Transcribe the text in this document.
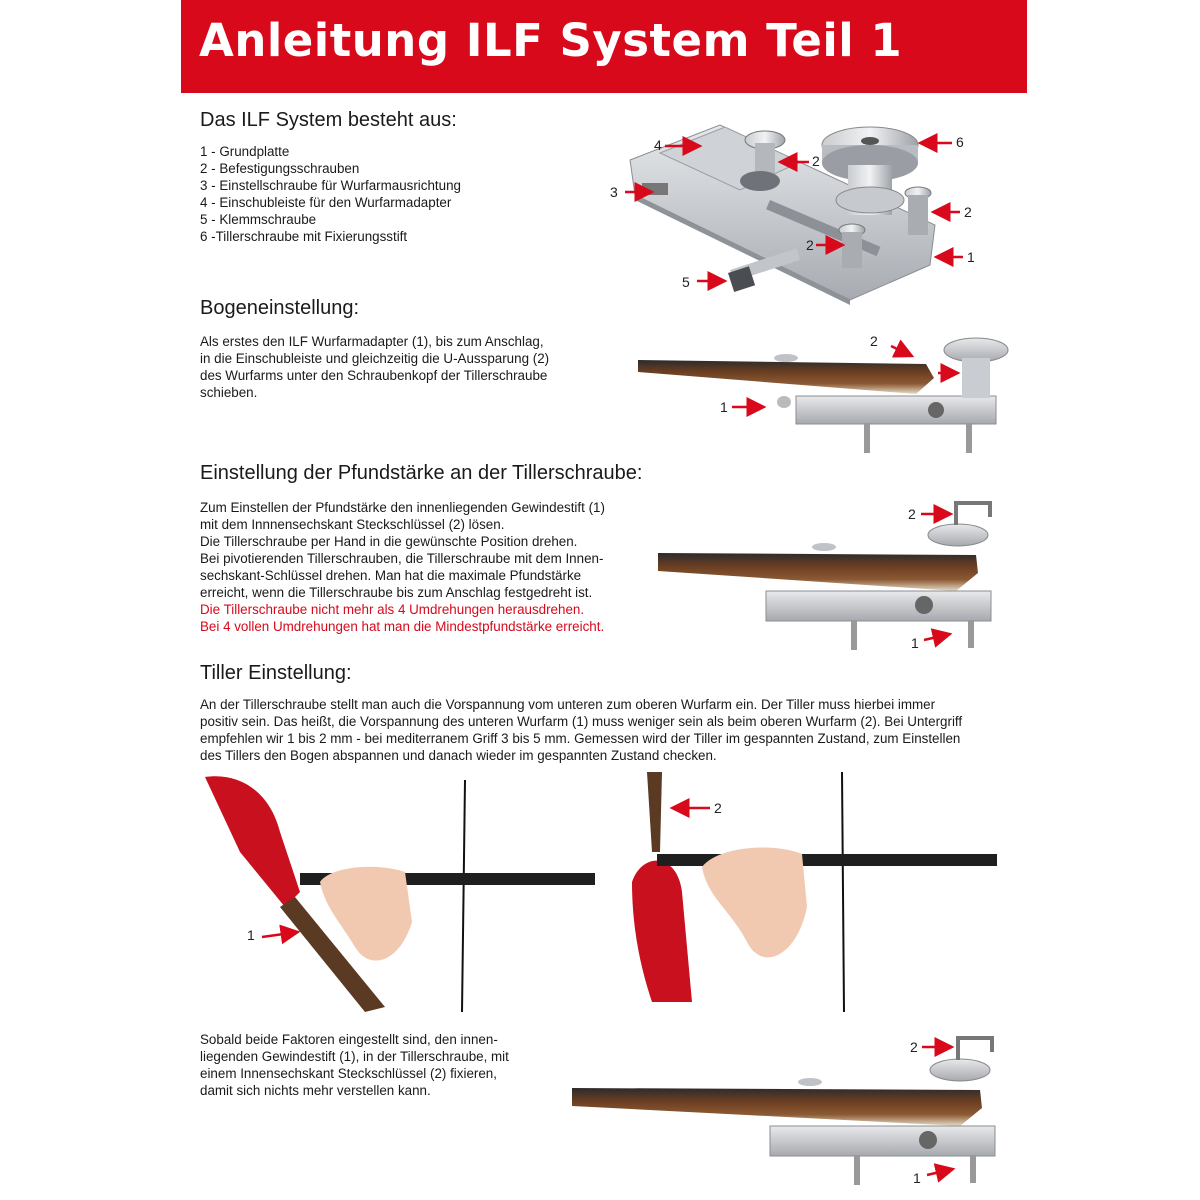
Anleitung ILF System Teil 1
Das ILF System besteht aus:
1 - Grundplatte
2 - Befestigungsschrauben
3 - Einstellschraube für Wurfarmausrichtung
4 - Einschubleiste für den Wurfarmadapter
5 - Klemmschraube
6 -Tillerschraube mit Fixierungsstift
4
2
6
3
2
2
1
5
Bogeneinstellung:
Als erstes den ILF Wurfarmadapter (1), bis zum Anschlag,
in die Einschubleiste und gleichzeitig die U-Aussparung (2)
des Wurfarms unter den Schraubenkopf der Tillerschraube
schieben.
2
1
Einstellung der Pfundstärke an der Tillerschraube:
Zum Einstellen der Pfundstärke den innenliegenden Gewindestift (1)
mit dem Innnensechskant Steckschlüssel (2) lösen.
Die Tillerschraube per Hand in die gewünschte Position drehen.
Bei pivotierenden Tillerschrauben, die Tillerschraube mit dem Innen-
sechskant-Schlüssel drehen. Man hat die maximale Pfundstärke
erreicht, wenn die Tillerschraube bis zum Anschlag festgedreht ist.
Die Tillerschraube nicht mehr als 4 Umdrehungen herausdrehen.
Bei 4 vollen Umdrehungen hat man die Mindestpfundstärke erreicht.
2
1
Tiller Einstellung:
An der Tillerschraube stellt man auch die Vorspannung vom unteren zum oberen Wurfarm ein. Der Tiller muss hierbei immer
positiv sein. Das heißt, die Vorspannung des unteren Wurfarm (1) muss weniger sein als beim oberen Wurfarm (2). Bei Untergriff
empfehlen wir 1 bis 2 mm - bei mediterranem Griff 3 bis 5 mm. Gemessen wird der Tiller im gespannten Zustand, zum Einstellen
des Tillers den Bogen abspannen und danach wieder im gespannten Zustand checken.
1
2
Sobald beide Faktoren eingestellt sind, den innen-
liegenden Gewindestift (1), in der Tillerschraube, mit
einem Innensechskant Steckschlüssel (2) fixieren,
damit sich nichts mehr verstellen kann.
2
1
